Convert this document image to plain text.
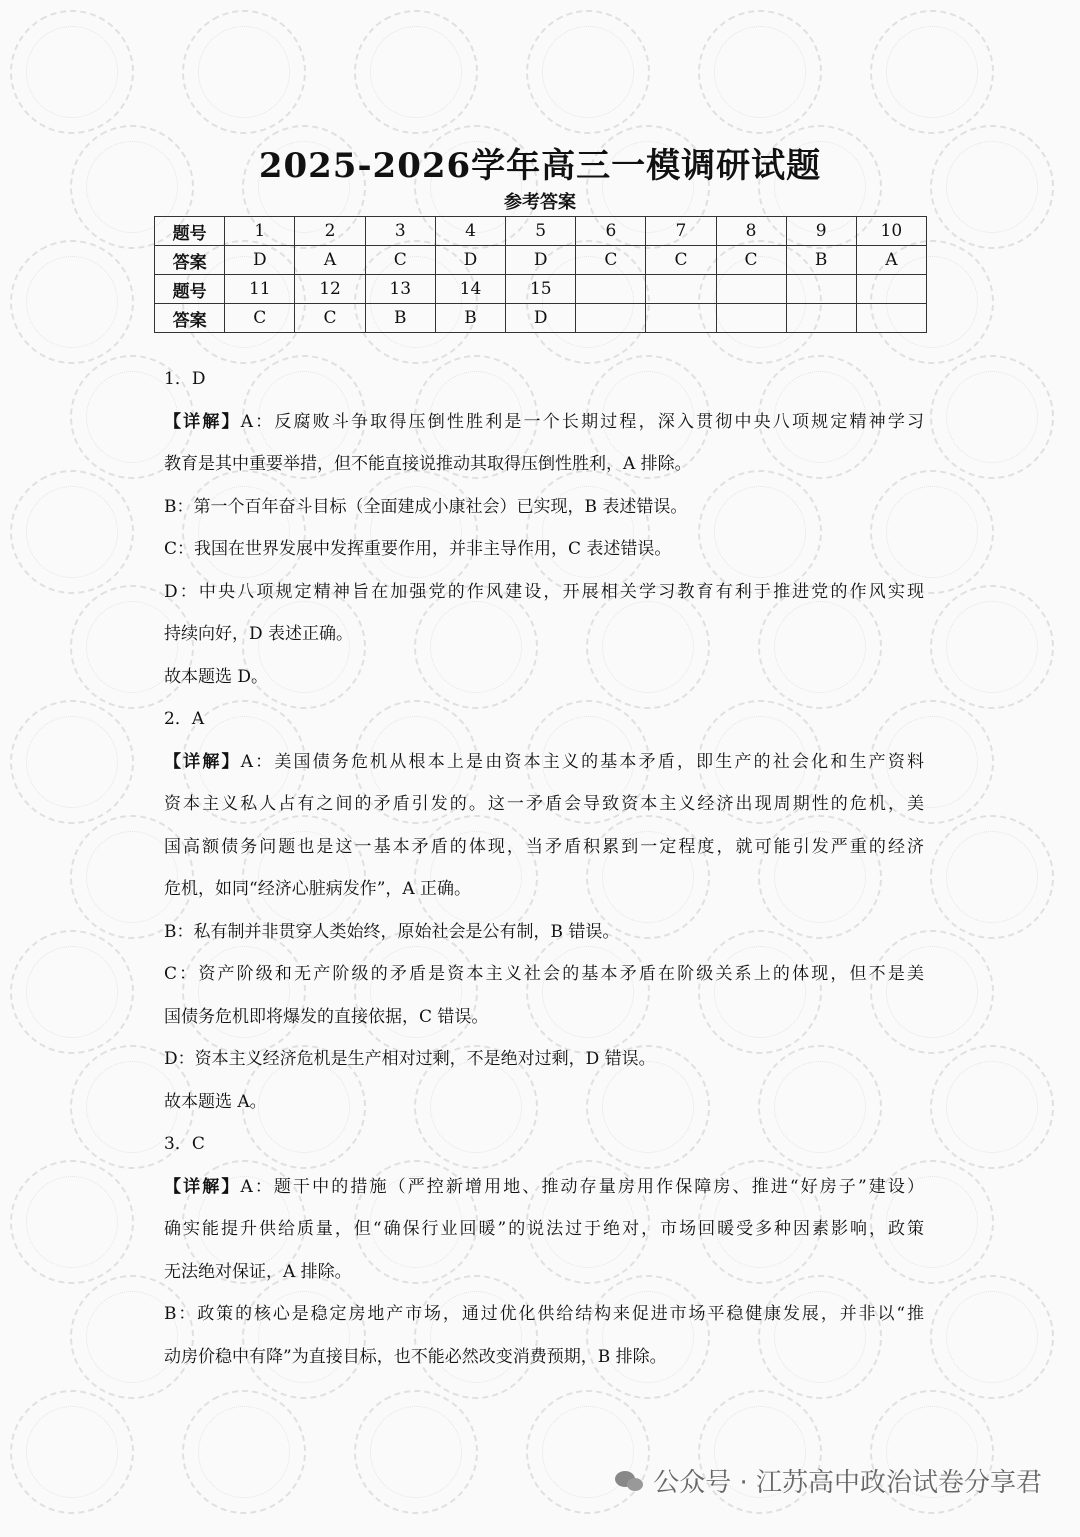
2025-2026学年高三一模调研试题
参考答案
题号	1	2	3	4	5	6	7	8	9	10
答案	D	A	C	D	D	C	C	C	B	A
题号	11	12	13	14	15					
答案	C	C	B	B	D					
1．D
【详解】A：反腐败斗争取得压倒性胜利是一个长期过程，深入贯彻中央八项规定精神学习
教育是其中重要举措，但不能直接说推动其取得压倒性胜利，A 排除。
B：第一个百年奋斗目标（全面建成小康社会）已实现，B 表述错误。
C：我国在世界发展中发挥重要作用，并非主导作用，C 表述错误。
D：中央八项规定精神旨在加强党的作风建设，开展相关学习教育有利于推进党的作风实现
持续向好，D 表述正确。
故本题选 D。
2．A
【详解】A：美国债务危机从根本上是由资本主义的基本矛盾，即生产的社会化和生产资料
资本主义私人占有之间的矛盾引发的。这一矛盾会导致资本主义经济出现周期性的危机，美
国高额债务问题也是这一基本矛盾的体现，当矛盾积累到一定程度，就可能引发严重的经济
危机，如同“经济心脏病发作”，A 正确。
B：私有制并非贯穿人类始终，原始社会是公有制，B 错误。
C：资产阶级和无产阶级的矛盾是资本主义社会的基本矛盾在阶级关系上的体现，但不是美
国债务危机即将爆发的直接依据，C 错误。
D：资本主义经济危机是生产相对过剩，不是绝对过剩，D 错误。
故本题选 A。
3．C
【详解】A：题干中的措施（严控新增用地、推动存量房用作保障房、推进“好房子”建设）
确实能提升供给质量，但“确保行业回暖”的说法过于绝对，市场回暖受多种因素影响，政策
无法绝对保证，A 排除。
B：政策的核心是稳定房地产市场，通过优化供给结构来促进市场平稳健康发展，并非以“推
动房价稳中有降”为直接目标，也不能必然改变消费预期，B 排除。
公众号 · 江苏高中政治试卷分享君
